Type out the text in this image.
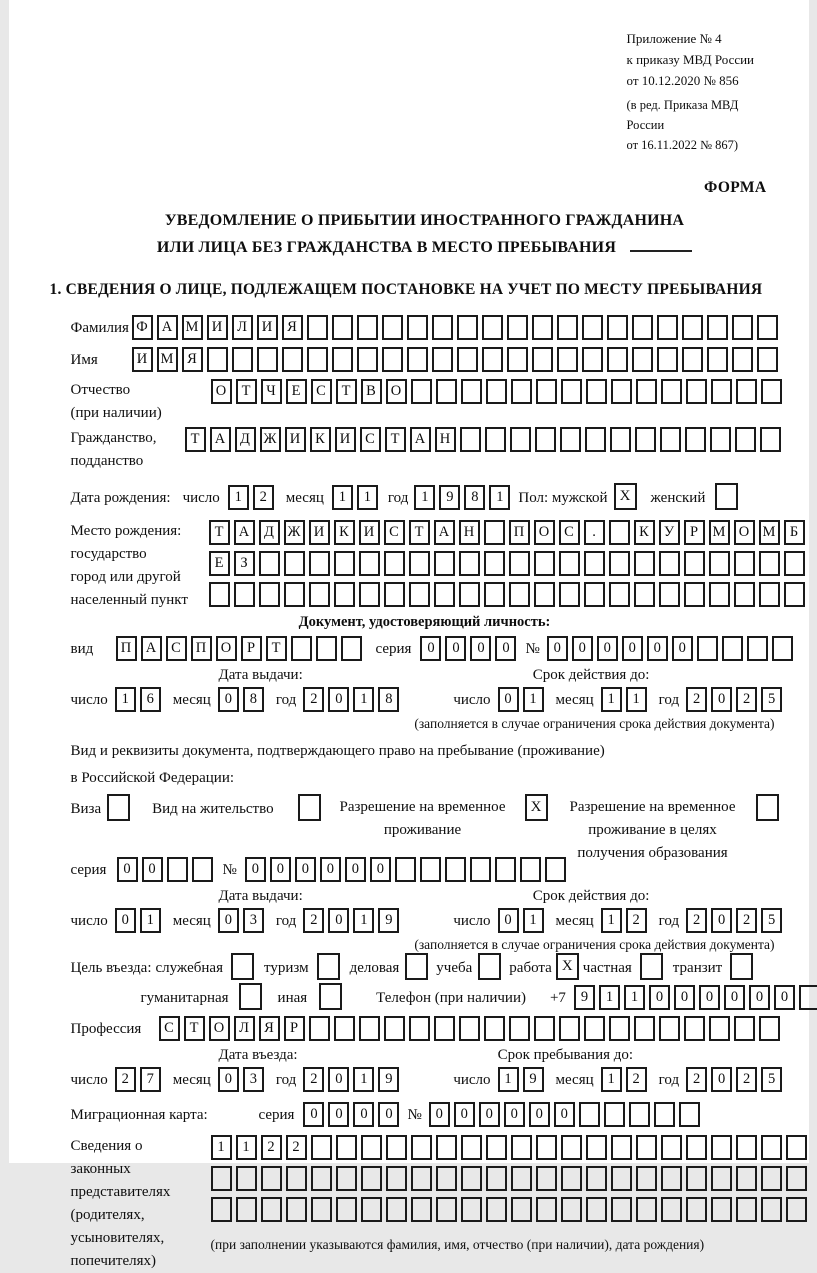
Приложение № 4
к приказу МВД России
от 10.12.2020 № 856
(в ред. Приказа МВД России
от 16.11.2022 № 867)
ФОРМА
УВЕДОМЛЕНИЕ О ПРИБЫТИИ ИНОСТРАННОГО ГРАЖДАНИНА
ИЛИ ЛИЦА БЕЗ ГРАЖДАНСТВА В МЕСТО ПРЕБЫВАНИЯ
1. СВЕДЕНИЯ О ЛИЦЕ, ПОДЛЕЖАЩЕМ ПОСТАНОВКЕ НА УЧЕТ ПО МЕСТУ ПРЕБЫВАНИЯ
Фамилия Ф А М И	Л	И	Я
Имя	И М Я
Отчество
(при наличии)
О	Т	Ч	Е	С	Т	В	О
Гражданство,
подданство
Т	А	Д Ж И	К	И	С	Т	А	Н
Дата рождения: число	1	2	месяц	1	1	год 1	9	8	1 Пол: мужской X	женский
Место рождения:
государство
город или другой
населенный пункт
Т	А	Д Ж И	К	И	С	Т	А	Н	П	О	С	.	К	У	Р	М О М Б
Е	З
Документ, удостоверяющий личность:
вид	П	А	С	П	О	Р	Т	серия	0	0	0	0	№ 0	0	0	0	0	0
Дата выдачи:	Срок действия до:
число 1	6	месяц 0	8	год 2	0	1	8	число 0	1	месяц 1	1	год 2	0	2	5
(заполняется в случае ограничения срока действия документа)
Вид и реквизиты документа, подтверждающего право на пребывание (проживание)
в Российской Федерации:
Виза	Вид на жительство	Разрешение на временное проживание
X	Разрешение на временное проживание в целях получения образования
серия	0	0	№	0	0	0	0	0	0
Дата выдачи:	Срок действия до:
число 0	1	месяц 0	3	год 2	0	1	9	число 0	1	месяц 1	2	год 2	0	2	5
(заполняется в случае ограничения срока действия документа)
Цель въезда: служебная	туризм	деловая учеба работа X частная	транзит
гуманитарная	иная	Телефон (при наличии) +7	9	1	1	0	0	0	0	0	0
Профессия	С	Т	О	Л	Я	Р
Дата въезда:	Срок пребывания до:
число 2	7	месяц 0	3	год 2	0	1	9	число 1	9	месяц 1	2	год 2	0	2	5
Миграционная карта:	серия	0	0	0	0 № 0	0	0	0	0	0
Сведения о
законных
представителях
(родителях,
усыновителях,
попечителях)
1	1	2	2
(при заполнении указываются фамилия, имя, отчество (при наличии), дата рождения)
